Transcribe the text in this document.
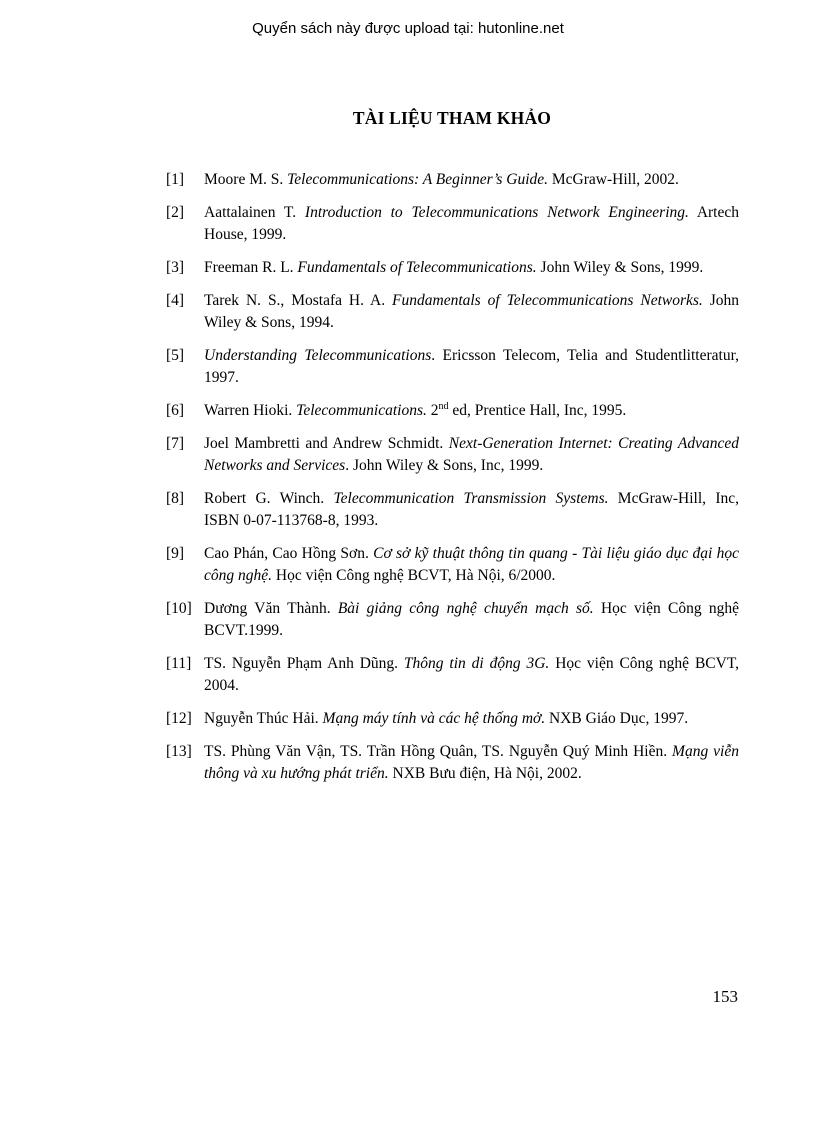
Quyển sách này được upload tại: hutonline.net
TÀI LIỆU THAM KHẢO
[1] Moore M. S. Telecommunications: A Beginner’s Guide. McGraw-Hill, 2002.
[2] Aattalainen T. Introduction to Telecommunications Network Engineering. Artech House, 1999.
[3] Freeman R. L. Fundamentals of Telecommunications. John Wiley & Sons, 1999.
[4] Tarek N. S., Mostafa H. A. Fundamentals of Telecommunications Networks. John Wiley & Sons, 1994.
[5] Understanding Telecommunications. Ericsson Telecom, Telia and Studentlitteratur, 1997.
[6] Warren Hioki. Telecommunications. 2nd ed, Prentice Hall, Inc, 1995.
[7] Joel Mambretti and Andrew Schmidt. Next-Generation Internet: Creating Advanced Networks and Services. John Wiley & Sons, Inc, 1999.
[8] Robert G. Winch. Telecommunication Transmission Systems. McGraw-Hill, Inc, ISBN 0-07-113768-8, 1993.
[9] Cao Phán, Cao Hồng Sơn. Cơ sở kỹ thuật thông tin quang - Tài liệu giáo dục đại học công nghệ. Học viện Công nghệ BCVT, Hà Nội, 6/2000.
[10] Dương Văn Thành. Bài giảng công nghệ chuyển mạch số. Học viện Công nghệ BCVT.1999.
[11] TS. Nguyễn Phạm Anh Dũng. Thông tin di động 3G. Học viện Công nghệ BCVT, 2004.
[12] Nguyễn Thúc Hải. Mạng máy tính và các hệ thống mở. NXB Giáo Dục, 1997.
[13] TS. Phùng Văn Vận, TS. Trần Hồng Quân, TS. Nguyễn Quý Minh Hiền. Mạng viễn thông và xu hướng phát triển. NXB Bưu điện, Hà Nội, 2002.
153
